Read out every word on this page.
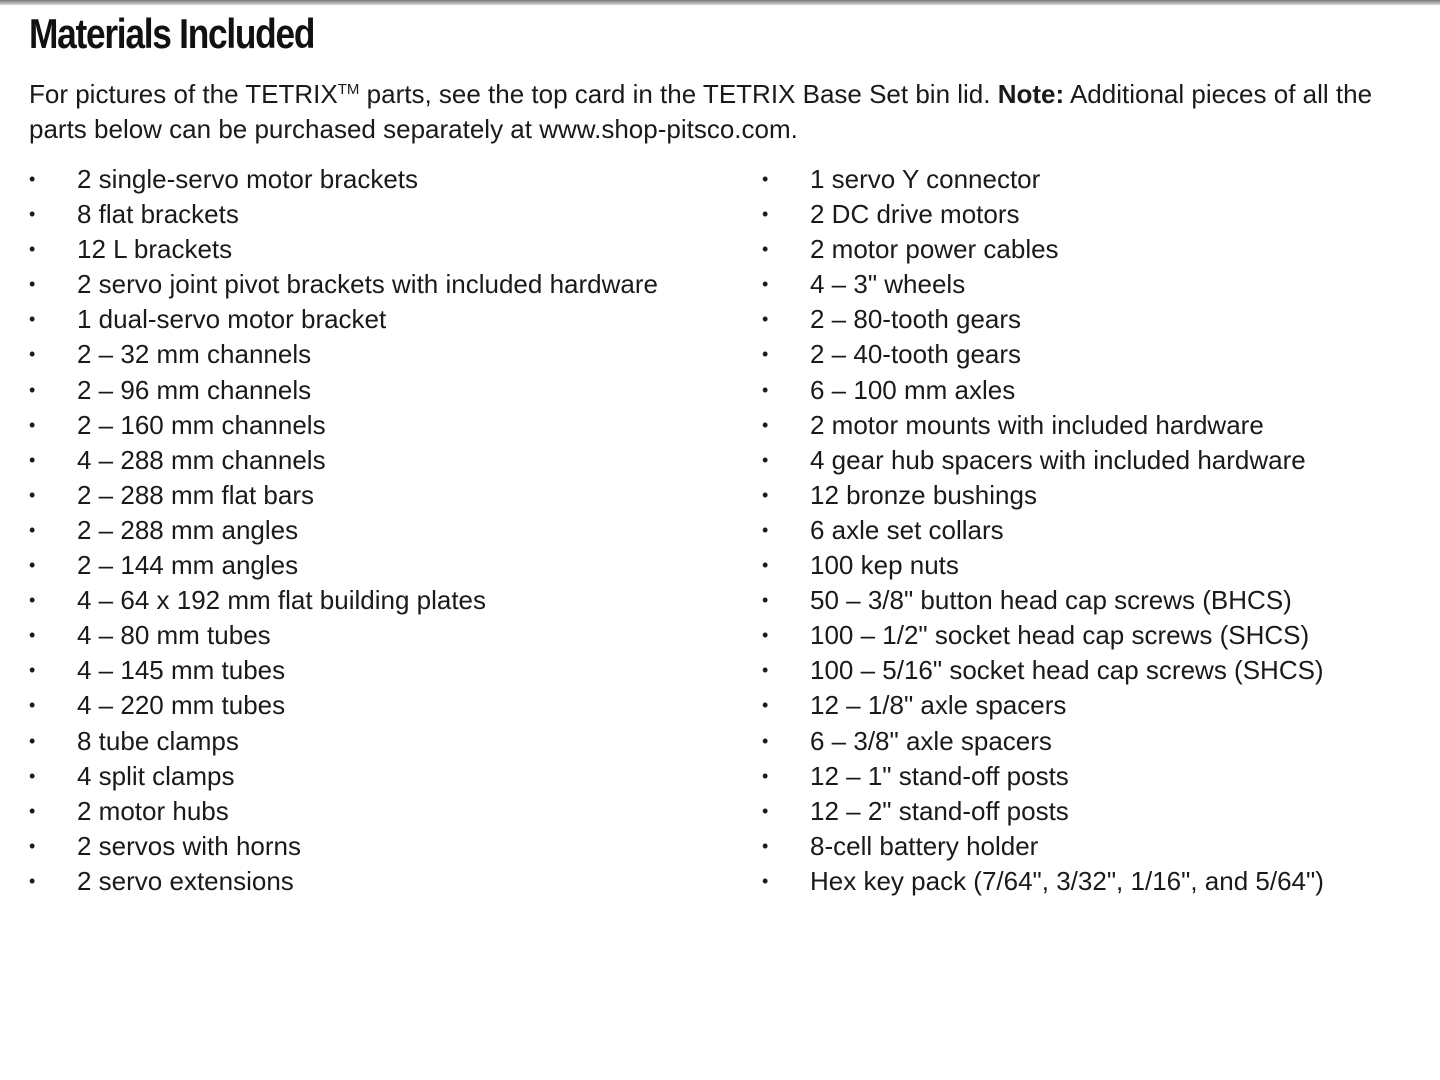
Materials Included

For pictures of the TETRIX™ parts, see the top card in the TETRIX Base Set bin lid. Note: Additional pieces of all the parts below can be purchased separately at www.shop-pitsco.com.

• 2 single-servo motor brackets
• 8 flat brackets
• 12 L brackets
• 2 servo joint pivot brackets with included hardware
• 1 dual-servo motor bracket
• 2 – 32 mm channels
• 2 – 96 mm channels
• 2 – 160 mm channels
• 4 – 288 mm channels
• 2 – 288 mm flat bars
• 2 – 288 mm angles
• 2 – 144 mm angles
• 4 – 64 x 192 mm flat building plates
• 4 – 80 mm tubes
• 4 – 145 mm tubes
• 4 – 220 mm tubes
• 8 tube clamps
• 4 split clamps
• 2 motor hubs
• 2 servos with horns
• 2 servo extensions
• 1 servo Y connector
• 2 DC drive motors
• 2 motor power cables
• 4 – 3" wheels
• 2 – 80-tooth gears
• 2 – 40-tooth gears
• 6 – 100 mm axles
• 2 motor mounts with included hardware
• 4 gear hub spacers with included hardware
• 12 bronze bushings
• 6 axle set collars
• 100 kep nuts
• 50 – 3/8" button head cap screws (BHCS)
• 100 – 1/2" socket head cap screws (SHCS)
• 100 – 5/16" socket head cap screws (SHCS)
• 12 – 1/8" axle spacers
• 6 – 3/8" axle spacers
• 12 – 1" stand-off posts
• 12 – 2" stand-off posts
• 8-cell battery holder
• Hex key pack (7/64", 3/32", 1/16", and 5/64")
